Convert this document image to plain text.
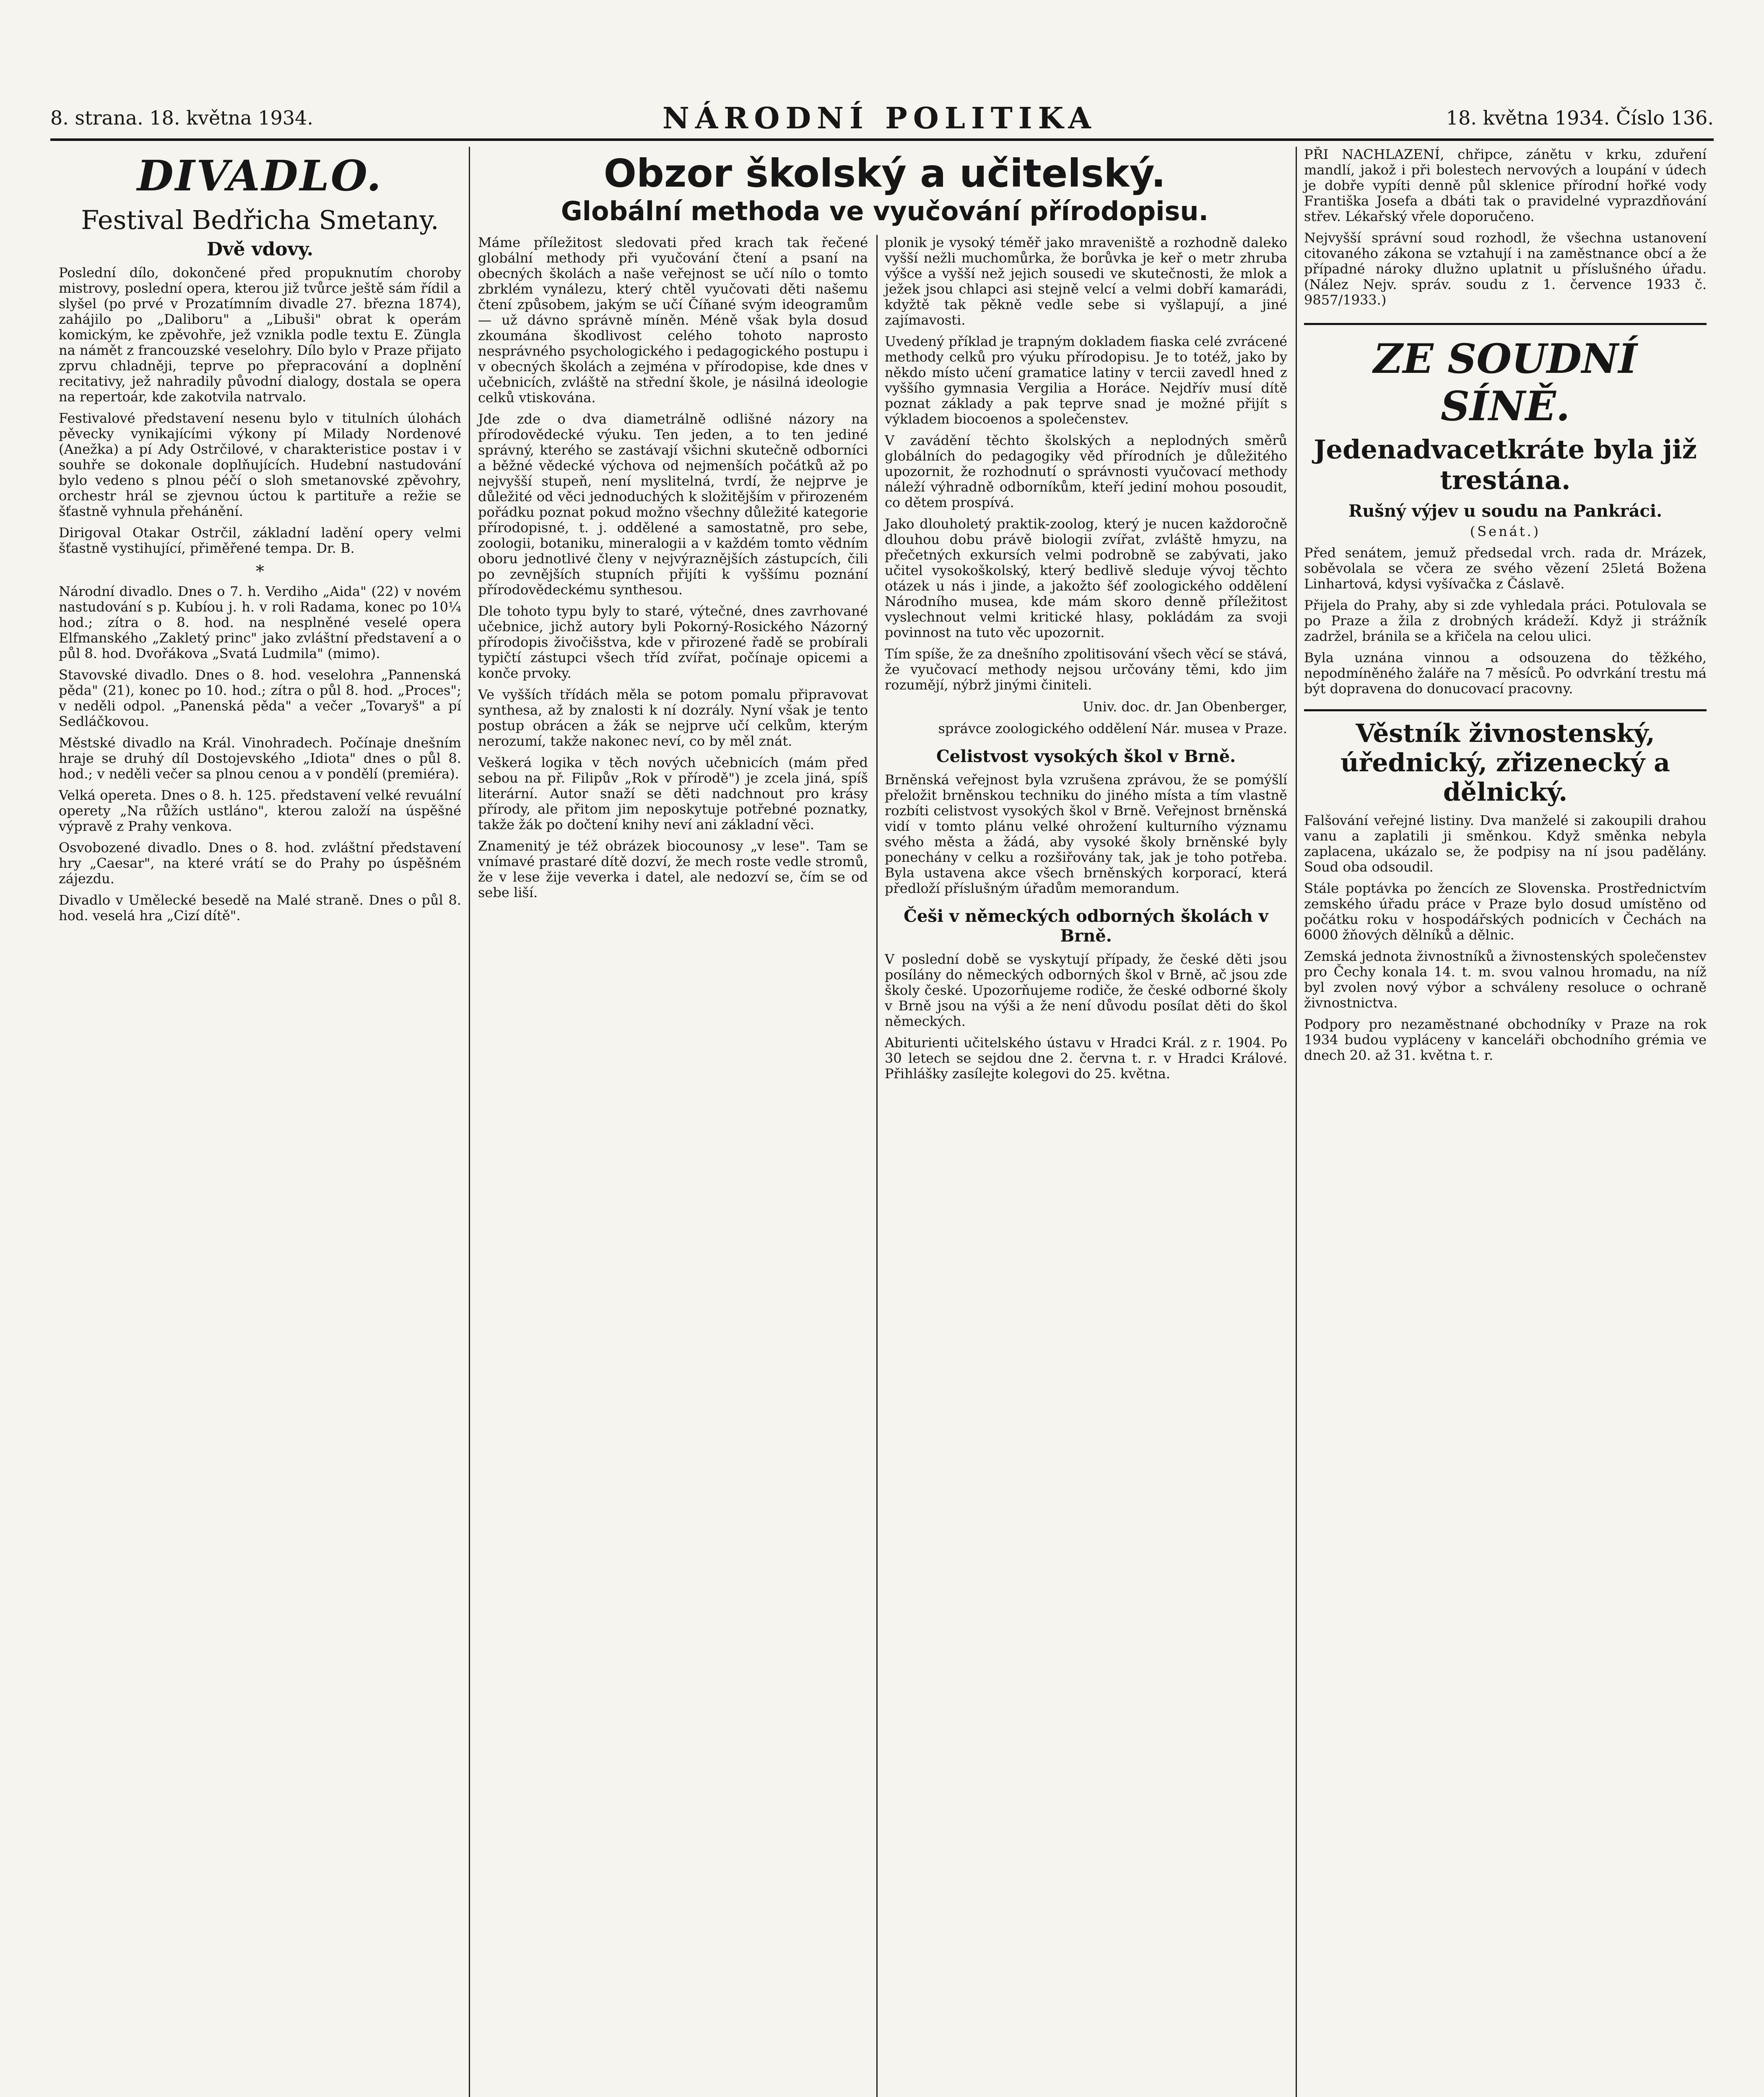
8. strana. 18. května 1934.	NÁRODNÍ POLITIKA	18. května 1934. Číslo 136.
DIVADLO.
Festival Bedřicha Smetany.
Dvě vdovy.

Poslední dílo, dokončené před propuknutím choroby mistrovy, poslední opera, kterou již tvůrce ještě sám řídil a slyšel (po prvé v Prozatímním divadle 27. března 1874), zahájilo po „Daliboru" a „Libuši" obrat k operám komickým, ke zpěvohře, jež vznikla podle textu E. Züngla na námět z francouzské veselohry. Dílo bylo v Praze přijato zprvu chladněji, teprve po přepracování a doplnění recitativy, jež nahradily původní dialogy, dostala se opera na repertoár, kde zakotvila natrvalo.

Festivalové představení nesenu bylo v titulních úlohách pěvecky vynikajícími výkony pí Milady Nordenové (Anežka) a pí Ady Ostrčilové, v charakteristice postav i v souhře se dokonale doplňujících. Hudební nastudování bylo vedeno s plnou péčí o sloh smetanovské zpěvohry, orchestr hrál se zjevnou úctou k partituře a režie se šťastně vyhnula přehánění.

Dirigoval Otakar Ostrčil, základní ladění opery velmi šťastně vystihující, přiměřené tempa. Dr. B.

*

Národní divadlo. Dnes o 7. h. Verdiho „Aida" (22) v novém nastudování s p. Kubíou j. h. v roli Radama, konec po 10¼ hod.; zítra o 8. hod. na nesplněné veselé opera Elfmanského „Zakletý princ" jako zvláštní představení a o půl 8. hod. Dvořákova „Svatá Ludmila" (mimo).

Stavovské divadlo. Dnes o 8. hod. veselohra „Pannenská pěda" (21), konec po 10. hod.; zítra o půl 8. hod. „Proces"; v neděli odpol. „Panenská pěda" a večer „Tovaryš" a pí Sedláčkovou.

Městské divadlo na Král. Vinohradech. Počínaje dnešním hraje se druhý díl Dostojevského „Idiota" dnes o půl 8. hod.; v neděli večer sa plnou cenou a v pondělí (premiéra).

Velká opereta. Dnes o 8. h. 125. představení velké revuální operety „Na růžích ustláno", kterou založí na úspěšné výpravě z Prahy venkova.

Osvobozené divadlo. Dnes o 8. hod. zvláštní představení hry „Caesar", na které vrátí se do Prahy po úspěšném zájezdu.

Divadlo v Umělecké besedě na Malé straně. Dnes o půl 8. hod. veselá hra „Cizí dítě".

Obzor školský a učitelský.
Globální methoda ve vyučování přírodopisu.

Máme příležitost sledovati před krach tak řečené globální methody při vyučování čtení a psaní na obecných školách a naše veřejnost se učí nílo o tomto zbrklém vynálezu, který chtěl vyučovati děti našemu čtení způsobem, jakým se učí Číňané svým ideogramům — už dávno správně míněn. Méně však byla dosud zkoumána škodlivost celého tohoto naprosto nesprávného psychologického i pedagogického postupu i v obecných školách a zejména v přírodopise, kde dnes v učebnicích, zvláště na střední škole, je násilná ideologie celků vtiskována.

Jde zde o dva diametrálně odlišné názory na přírodovědecké výuku. Ten jeden, a to ten jediné správný, kterého se zastávají všichni skutečně odborníci a běžné vědecké výchova od nejmenších počátků až po nejvyšší stupeň, není myslitelná, tvrdí, že nejprve je důležité od věci jednoduchých k složitějším v přirozeném pořádku poznat pokud možno všechny důležité kategorie přírodopisné, t. j. oddělené a samostatně, pro sebe, zoologii, botaniku, mineralogii a v každém tomto vědním oboru jednotlivé členy v nejvýraznějších zástupcích, čili po zevnějších stupních přijíti k vyššímu poznání přírodovědeckému synthesou.

Dle tohoto typu byly to staré, výtečné, dnes zavrhované učebnice, jichž autory byli Pokorný-Rosického Názorný přírodopis živočišstva, kde v přirozené řadě se probírali typičtí zástupci všech tříd zvířat, počínaje opicemi a konče prvoky.

Ve vyšších třídách měla se potom pomalu připravovat synthesa, až by znalosti k ní dozrály. Nyní však je tento postup obrácen a žák se nejprve učí celkům, kterým nerozumí, takže nakonec neví, co by měl znát.

Veškerá logika v těch nových učebnicích (mám před sebou na př. Filipův „Rok v přírodě") je zcela jiná, spíš literární. Autor snaží se děti nadchnout pro krásy přírody, ale přitom jim neposkytuje potřebné poznatky, takže žák po dočtení knihy neví ani základní věci.

Znamenitý je též obrázek biocounosy „v lese". Tam se vnímavé prastaré dítě dozví, že mech roste vedle stromů, že v lese žije veverka i datel, ale nedozví se, čím se od sebe liší.

plonik je vysoký téměř jako mraveniště a rozhodně daleko vyšší nežli muchomůrka, že borůvka je keř o metr zhruba výšce a vyšší než jejich sousedi ve skutečnosti, že mlok a ježek jsou chlapci asi stejně velcí a velmi dobří kamarádi, kdyžtě tak pěkně vedle sebe si vyšlapují, a jiné zajímavosti.

Uvedený příklad je trapným dokladem fiaska celé zvrácené methody celků pro výuku přírodopisu. Je to totéž, jako by někdo místo učení gramatice latiny v tercii zavedl hned z vyššího gymnasia Vergilia a Horáce. Nejdřív musí dítě poznat základy a pak teprve snad je možné přijít s výkladem biocoenos a společenstev.

V zavádění těchto školských a neplodných směrů globálních do pedagogiky věd přírodních je důležitého upozornit, že rozhodnutí o správnosti vyučovací methody náleží výhradně odborníkům, kteří jediní mohou posoudit, co dětem prospívá.

Jako dlouholetý praktik-zoolog, který je nucen každoročně dlouhou dobu právě biologii zvířat, zvláště hmyzu, na přečetných exkursích velmi podrobně se zabývati, jako učitel vysokoškolský, který bedlivě sleduje vývoj těchto otázek u nás i jinde, a jakožto šéf zoologického oddělení Národního musea, kde mám skoro denně příležitost vyslechnout velmi kritické hlasy, pokládám za svoji povinnost na tuto věc upozornit.

Tím spíše, že za dnešního zpolitisování všech věcí se stává, že vyučovací methody nejsou určovány těmi, kdo jim rozumějí, nýbrž jinými činiteli.

Univ. doc. dr. Jan Obenberger,
správce zoologického oddělení Nár. musea v Praze.
Celistvost vysokých škol v Brně.

Brněnská veřejnost byla vzrušena zprávou, že se pomýšlí přeložit brněnskou techniku do jiného místa a tím vlastně rozbíti celistvost vysokých škol v Brně. Veřejnost brněnská vidí v tomto plánu velké ohrožení kulturního významu svého města a žádá, aby vysoké školy brněnské byly ponechány v celku a rozšiřovány tak, jak je toho potřeba. Byla ustavena akce všech brněnských korporací, která předloží příslušným úřadům memorandum.

Češi v německých odborných školách v Brně.

V poslední době se vyskytují případy, že české děti jsou posílány do německých odborných škol v Brně, ač jsou zde školy české. Upozorňujeme rodiče, že české odborné školy v Brně jsou na výši a že není důvodu posílat děti do škol německých.

Abiturienti učitelského ústavu v Hradci Král. z r. 1904. Po 30 letech se sejdou dne 2. června t. r. v Hradci Králové. Přihlášky zasílejte kolegovi do 25. května.

PŘI NACHLAZENÍ, chřipce, zánětu v krku, zduření mandlí, jakož i při bolestech nervových a loupání v údech je dobře vypíti denně půl sklenice přírodní hořké vody Františka Josefa a dbáti tak o pravidelné vyprazdňování střev. Lékařský vřele doporučeno.

Nejvyšší správní soud rozhodl, že všechna ustanovení citovaného zákona se vztahují i na zaměstnance obcí a že případné nároky dlužno uplatnit u příslušného úřadu. (Nález Nejv. správ. soudu z 1. července 1933 č. 9857/1933.)

ZE SOUDNÍ SÍNĚ.
Jedenadvacetkráte byla již trestána.
Rušný výjev u soudu na Pankráci.
(Senát.)

Před senátem, jemuž předsedal vrch. rada dr. Mrázek, soběvolala se včera ze svého vězení 25letá Božena Linhartová, kdysi vyšívačka z Čáslavě.

Přijela do Prahy, aby si zde vyhledala práci. Potulovala se po Praze a žila z drobných krádeží. Když ji strážník zadržel, bránila se a křičela na celou ulici.

Byla uznána vinnou a odsouzena do těžkého, nepodmíněného žaláře na 7 měsíců. Po odvrkání trestu má být dopravena do donucovací pracovny.

Věstník živnostenský, úřednický, zřizenecký a dělnický.

Falšování veřejné listiny. Dva manželé si zakoupili drahou vanu a zaplatili ji směnkou. Když směnka nebyla zaplacena, ukázalo se, že podpisy na ní jsou padělány. Soud oba odsoudil.

Stále poptávka po žencích ze Slovenska. Prostřednictvím zemského úřadu práce v Praze bylo dosud umístěno od počátku roku v hospodářských podnicích v Čechách na 6000 žňových dělníků a dělnic.

Zemská jednota živnostníků a živnostenských společenstev pro Čechy konala 14. t. m. svou valnou hromadu, na níž byl zvolen nový výbor a schváleny resoluce o ochraně živnostnictva.

Podpory pro nezaměstnané obchodníky v Praze na rok 1934 budou vypláceny v kanceláři obchodního grémia ve dnech 20. až 31. května t. r.
